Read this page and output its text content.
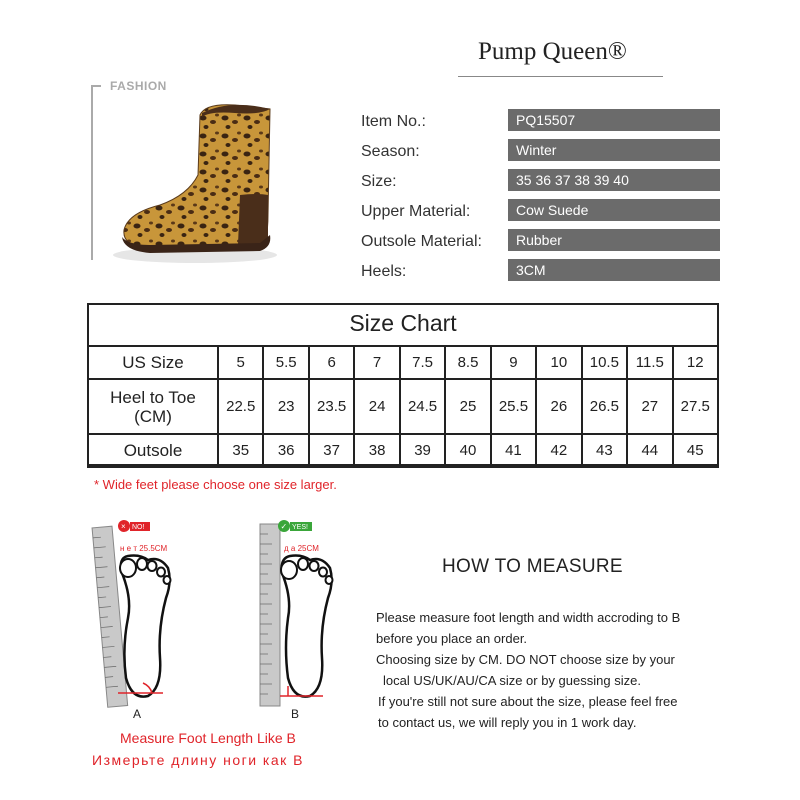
Pump Queen®
FASHION
Item No.:	PQ15507
Season:	Winter
Size:	35 36 37 38 39 40
Upper Material:	Cow Suede
Outsole Material:	Rubber
Heels:	3CM
Size Chart
US Size	5	5.5	6	7	7.5	8.5	9	10	10.5	11.5	12
Heel to Toe
(CM)	22.5	23	23.5	24	24.5	25	25.5	26	26.5	27	27.5
Outsole	35	36	37	38	39	40	41	42	43	44	45
* Wide feet please choose one size larger.
× NO!
н е т 25.5CM
A
✓ YES!
д а 25CM
B
Measure Foot Length Like B
Измерьте длину ноги как В
HOW TO MEASURE
Please measure foot length and width accroding to B
before you place an order.
Choosing size by CM. DO NOT choose size by your
local US/UK/AU/CA size or by guessing size.
If you're still not sure about the size, please feel free
to contact us, we will reply you in 1 work day.
